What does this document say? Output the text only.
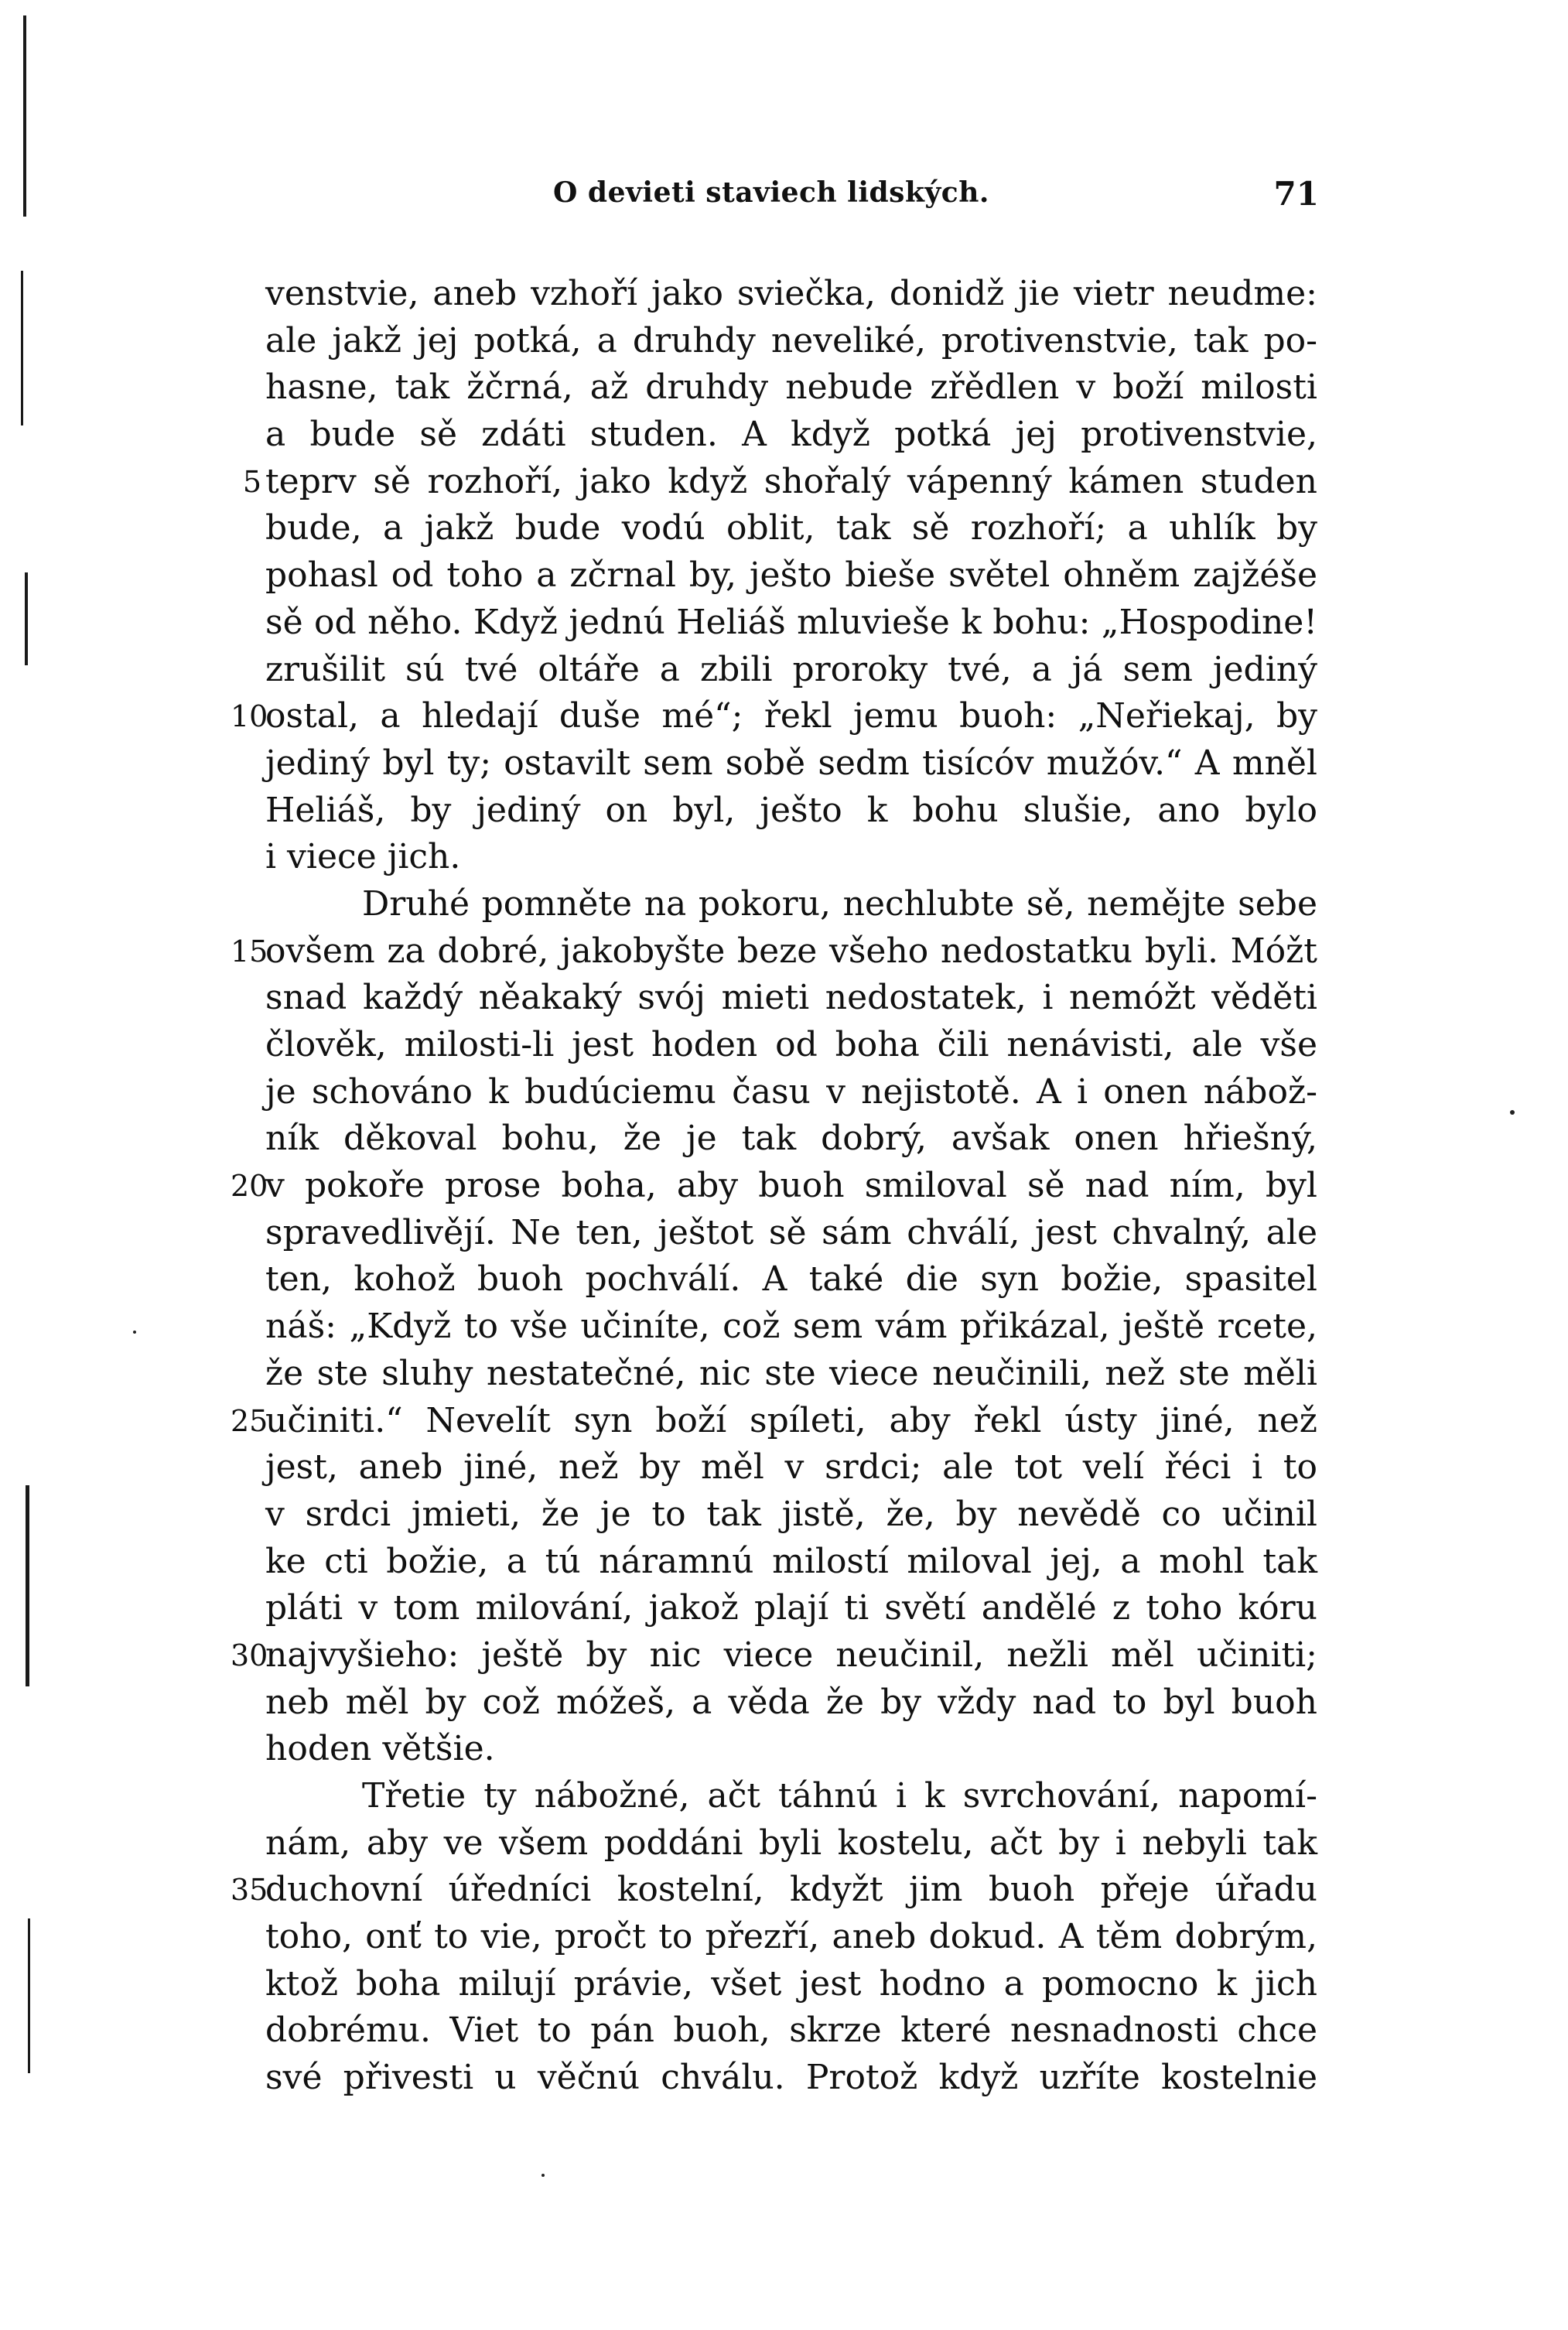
O devieti staviech lidských.	71
venstvie, aneb vzhoří jako sviečka, donidž jie vietr neudme:
ale jakž jej potká, a druhdy neveliké, protivenstvie, tak po-
hasne, tak žčrná, až druhdy nebude zřědlen v boží milosti
a bude sě zdáti studen. A když potká jej protivenstvie,
5 teprv sě rozhoří, jako když shořalý vápenný kámen studen
bude, a jakž bude vodú oblit, tak sě rozhoří; a uhlík by
pohasl od toho a zčrnal by, ješto bieše světel ohněm zajžéše
sě od něho. Když jednú Heliáš mluvieše k bohu: „Hospodine!
zrušilit sú tvé oltáře a zbili proroky tvé, a já sem jediný
10
ostal, a hledají duše mé“; řekl jemu buoh: „Neřiekaj, by
jediný byl ty; ostavilt sem sobě sedm tisícóv mužóv.“ A mněl
Heliáš, by jediný on byl, ješto k bohu slušie, ano bylo
i viece jich.
Druhé pomněte na pokoru, nechlubte sě, nemějte sebe
15
ovšem za dobré, jakobyšte beze všeho nedostatku byli. Móžt
snad každý něakaký svój mieti nedostatek, i nemóžt věděti
člověk, milosti-li jest hoden od boha čili nenávisti, ale vše
je schováno k budúciemu času v nejistotě. A i onen nábož-
ník děkoval bohu, že je tak dobrý, avšak onen hřiešný,
20
v pokoře prose boha, aby buoh smiloval sě nad ním, byl
spravedlivějí. Ne ten, ještot sě sám chválí, jest chvalný, ale
ten, kohož buoh pochválí. A také die syn božie, spasitel
náš: „Když to vše učiníte, což sem vám přikázal, ještě rcete,
že ste sluhy nestatečné, nic ste viece neučinili, než ste měli
25
učiniti.“ Nevelít syn boží spíleti, aby řekl ústy jiné, než
jest, aneb jiné, než by měl v srdci; ale tot velí řéci i to
v srdci jmieti, že je to tak jistě, že, by nevědě co učinil
ke cti božie, a tú náramnú milostí miloval jej, a mohl tak
pláti v tom milování, jakož plají ti světí andělé z toho kóru
30
najvyšieho: ještě by nic viece neučinil, nežli měl učiniti;
neb měl by což móžeš, a věda že by vždy nad to byl buoh
hoden většie.
Třetie ty nábožné, ačt táhnú i k svrchování, napomí-
nám, aby ve všem poddáni byli kostelu, ačt by i nebyli tak
35
duchovní úředníci kostelní, kdyžt jim buoh přeje úřadu
toho, onť to vie, pročt to přezří, aneb dokud. A těm dobrým,
ktož boha milují právie, všet jest hodno a pomocno k jich
dobrému. Viet to pán buoh, skrze které nesnadnosti chce
své přivesti u věčnú chválu. Protož když uzříte kostelnie
